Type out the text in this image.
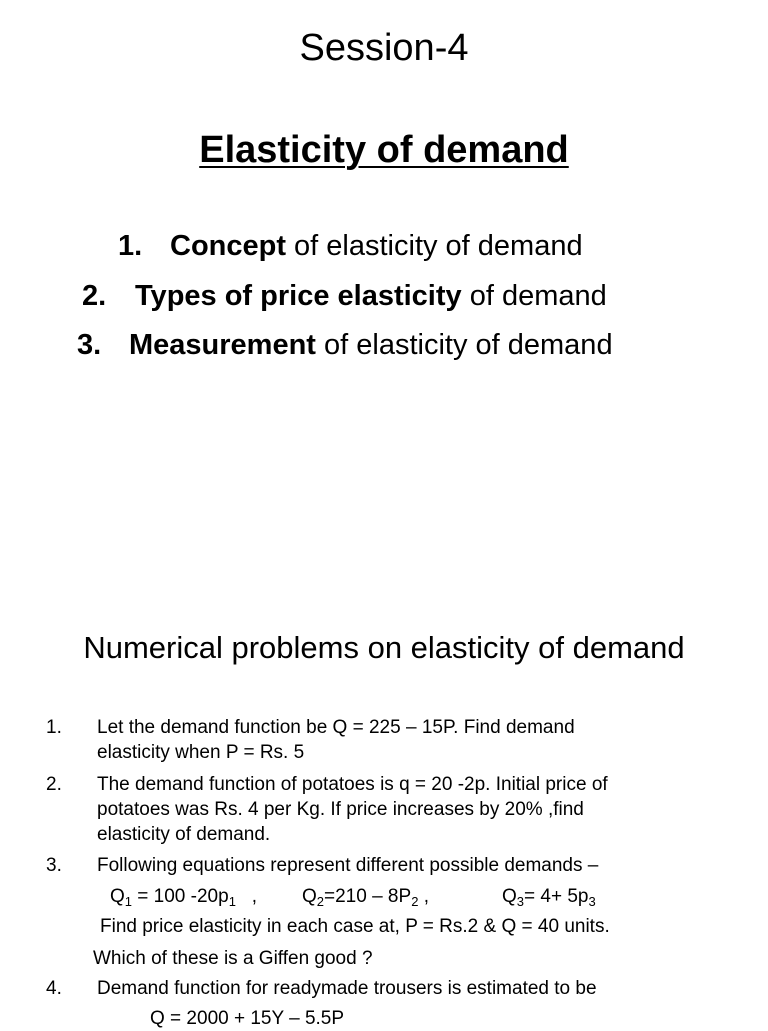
Session-4
Elasticity of demand
1. Concept of elasticity of demand
2. Types of price elasticity of demand
3. Measurement of elasticity of demand
Numerical problems on elasticity of demand
1. Let the demand function be Q = 225 – 15P. Find demand
elasticity when P = Rs. 5
2. The demand function of potatoes is q = 20 -2p. Initial price of
potatoes was Rs. 4 per Kg. If price increases by 20% ,find
elasticity of demand.
3. Following equations represent different possible demands –
$Q_1 = 100$ $-20p_1$   , $Q_2=210 - 8P_2$ ,	$Q_3= 4+ 5p_3$
Find price elasticity in each case at, P = Rs.2 & Q = 40 units.
Which of these is a Giffen good ?
4. Demand function for readymade trousers is estimated to be
Q = 2000 + 15Y – 5.5P
